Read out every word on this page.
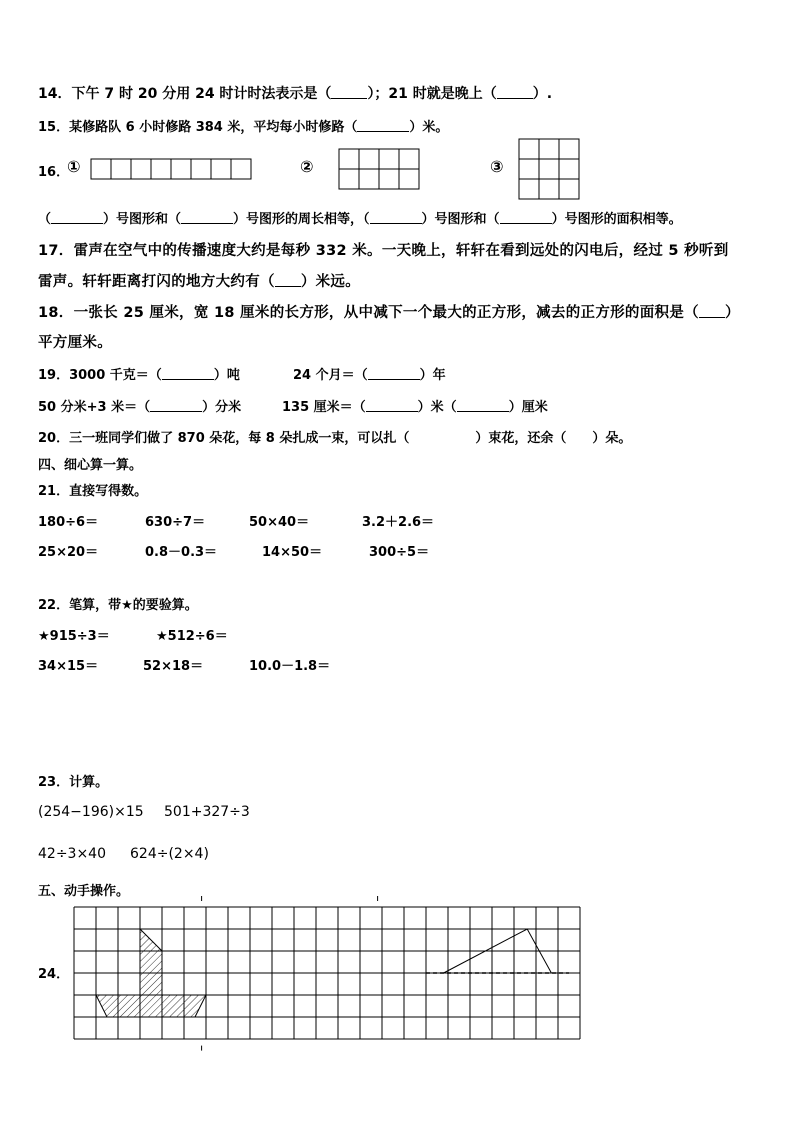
14．下午 7 时 20 分用 24 时计时法表示是（	）；21 时就是晚上（	）.
15．某修路队 6 小时修路 384 米，平均每小时修路（	）米。
16．
①	②	③
（	）号图形和（	）号图形的周长相等，（	）号图形和（	）号图形的面积相等。
17．雷声在空气中的传播速度大约是每秒 332 米。一天晚上，轩轩在看到远处的闪电后，经过 5 秒听到
雷声。轩轩距离打闪的地方大约有（ ）米远。
18．一张长 25 厘米，宽 18 厘米的长方形，从中减下一个最大的正方形，减去的正方形的面积是（ ）
平方厘米。
19．3000 千克＝（	）吨	24 个月＝（	）年
50 分米+3 米＝（	）分米	135 厘米＝（	）米（	）厘米
20．三一班同学们做了 870 朵花，每 8 朵扎成一束，可以扎（	）束花，还余（ ）朵。
四、细心算一算。
21．直接写得数。
180÷6＝	630÷7＝	50×40＝	3.2＋2.6＝
25×20＝	0.8－0.3＝	14×50＝	300÷5＝
22．笔算，带★的要验算。
★915÷3＝	★512÷6＝
34×15＝	52×18＝	10.0－1.8＝
23．计算。
(254−196)×15 501+327÷3
42÷3×40 624÷(2×4)
五、动手操作。
24．
